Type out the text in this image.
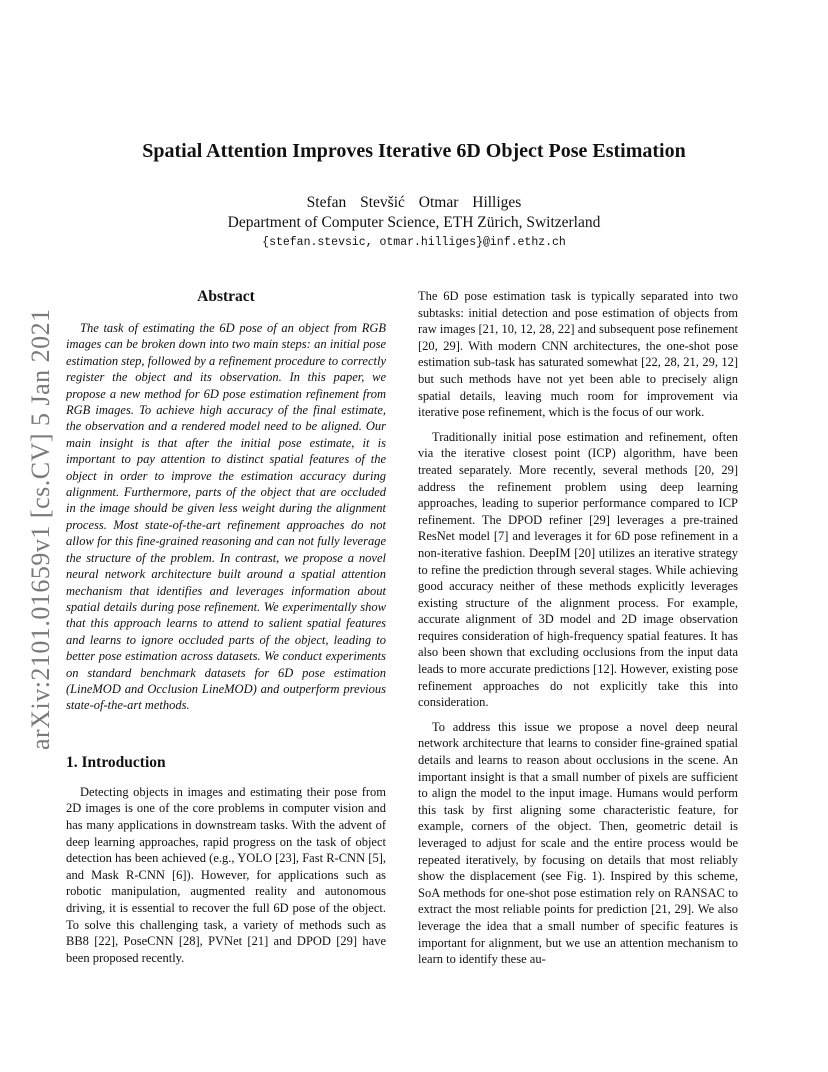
arXiv:2101.01659v1 [cs.CV] 5 Jan 2021
Spatial Attention Improves Iterative 6D Object Pose Estimation
Stefan Stevšić Otmar Hilliges
Department of Computer Science, ETH Zürich, Switzerland
{stefan.stevsic, otmar.hilliges}@inf.ethz.ch
Abstract

The task of estimating the 6D pose of an object from RGB images can be broken down into two main steps: an initial pose estimation step, followed by a refinement procedure to correctly register the object and its observation. In this paper, we propose a new method for 6D pose estimation refinement from RGB images. To achieve high accuracy of the final estimate, the observation and a rendered model need to be aligned. Our main insight is that after the initial pose estimate, it is important to pay attention to distinct spatial features of the object in order to improve the estimation accuracy during alignment. Furthermore, parts of the object that are occluded in the image should be given less weight during the alignment process. Most state-of-the-art refinement approaches do not allow for this fine-grained reasoning and can not fully leverage the structure of the problem. In contrast, we propose a novel neural network architecture built around a spatial attention mechanism that identifies and leverages information about spatial details during pose refinement. We experimentally show that this approach learns to attend to salient spatial features and learns to ignore occluded parts of the object, leading to better pose estimation across datasets. We conduct experiments on standard benchmark datasets for 6D pose estimation (LineMOD and Occlusion LineMOD) and outperform previous state-of-the-art methods.

1. Introduction

Detecting objects in images and estimating their pose from 2D images is one of the core problems in computer vision and has many applications in downstream tasks. With the advent of deep learning approaches, rapid progress on the task of object detection has been achieved (e.g., YOLO [23], Fast R-CNN [5], and Mask R-CNN [6]). However, for applications such as robotic manipulation, augmented reality and autonomous driving, it is essential to recover the full 6D pose of the object. To solve this challenging task, a variety of methods such as BB8 [22], PoseCNN [28], PVNet [21] and DPOD [29] have been proposed recently.

The 6D pose estimation task is typically separated into two subtasks: initial detection and pose estimation of objects from raw images [21, 10, 12, 28, 22] and subsequent pose refinement [20, 29]. With modern CNN architectures, the one-shot pose estimation sub-task has saturated somewhat [22, 28, 21, 29, 12] but such methods have not yet been able to precisely align spatial details, leaving much room for improvement via iterative pose refinement, which is the focus of our work.

Traditionally initial pose estimation and refinement, often via the iterative closest point (ICP) algorithm, have been treated separately. More recently, several methods [20, 29] address the refinement problem using deep learning approaches, leading to superior performance compared to ICP refinement. The DPOD refiner [29] leverages a pre-trained ResNet model [7] and leverages it for 6D pose refinement in a non-iterative fashion. DeepIM [20] utilizes an iterative strategy to refine the prediction through several stages. While achieving good accuracy neither of these methods explicitly leverages existing structure of the alignment process. For example, accurate alignment of 3D model and 2D image observation requires consideration of high-frequency spatial features. It has also been shown that excluding occlusions from the input data leads to more accurate predictions [12]. However, existing pose refinement approaches do not explicitly take this into consideration.

To address this issue we propose a novel deep neural network architecture that learns to consider fine-grained spatial details and learns to reason about occlusions in the scene. An important insight is that a small number of pixels are sufficient to align the model to the input image. Humans would perform this task by first aligning some characteristic feature, for example, corners of the object. Then, geometric detail is leveraged to adjust for scale and the entire process would be repeated iteratively, by focusing on details that most reliably show the displacement (see Fig. 1). Inspired by this scheme, SoA methods for one-shot pose estimation rely on RANSAC to extract the most reliable points for prediction [21, 29]. We also leverage the idea that a small number of specific features is important for alignment, but we use an attention mechanism to learn to identify these au-
